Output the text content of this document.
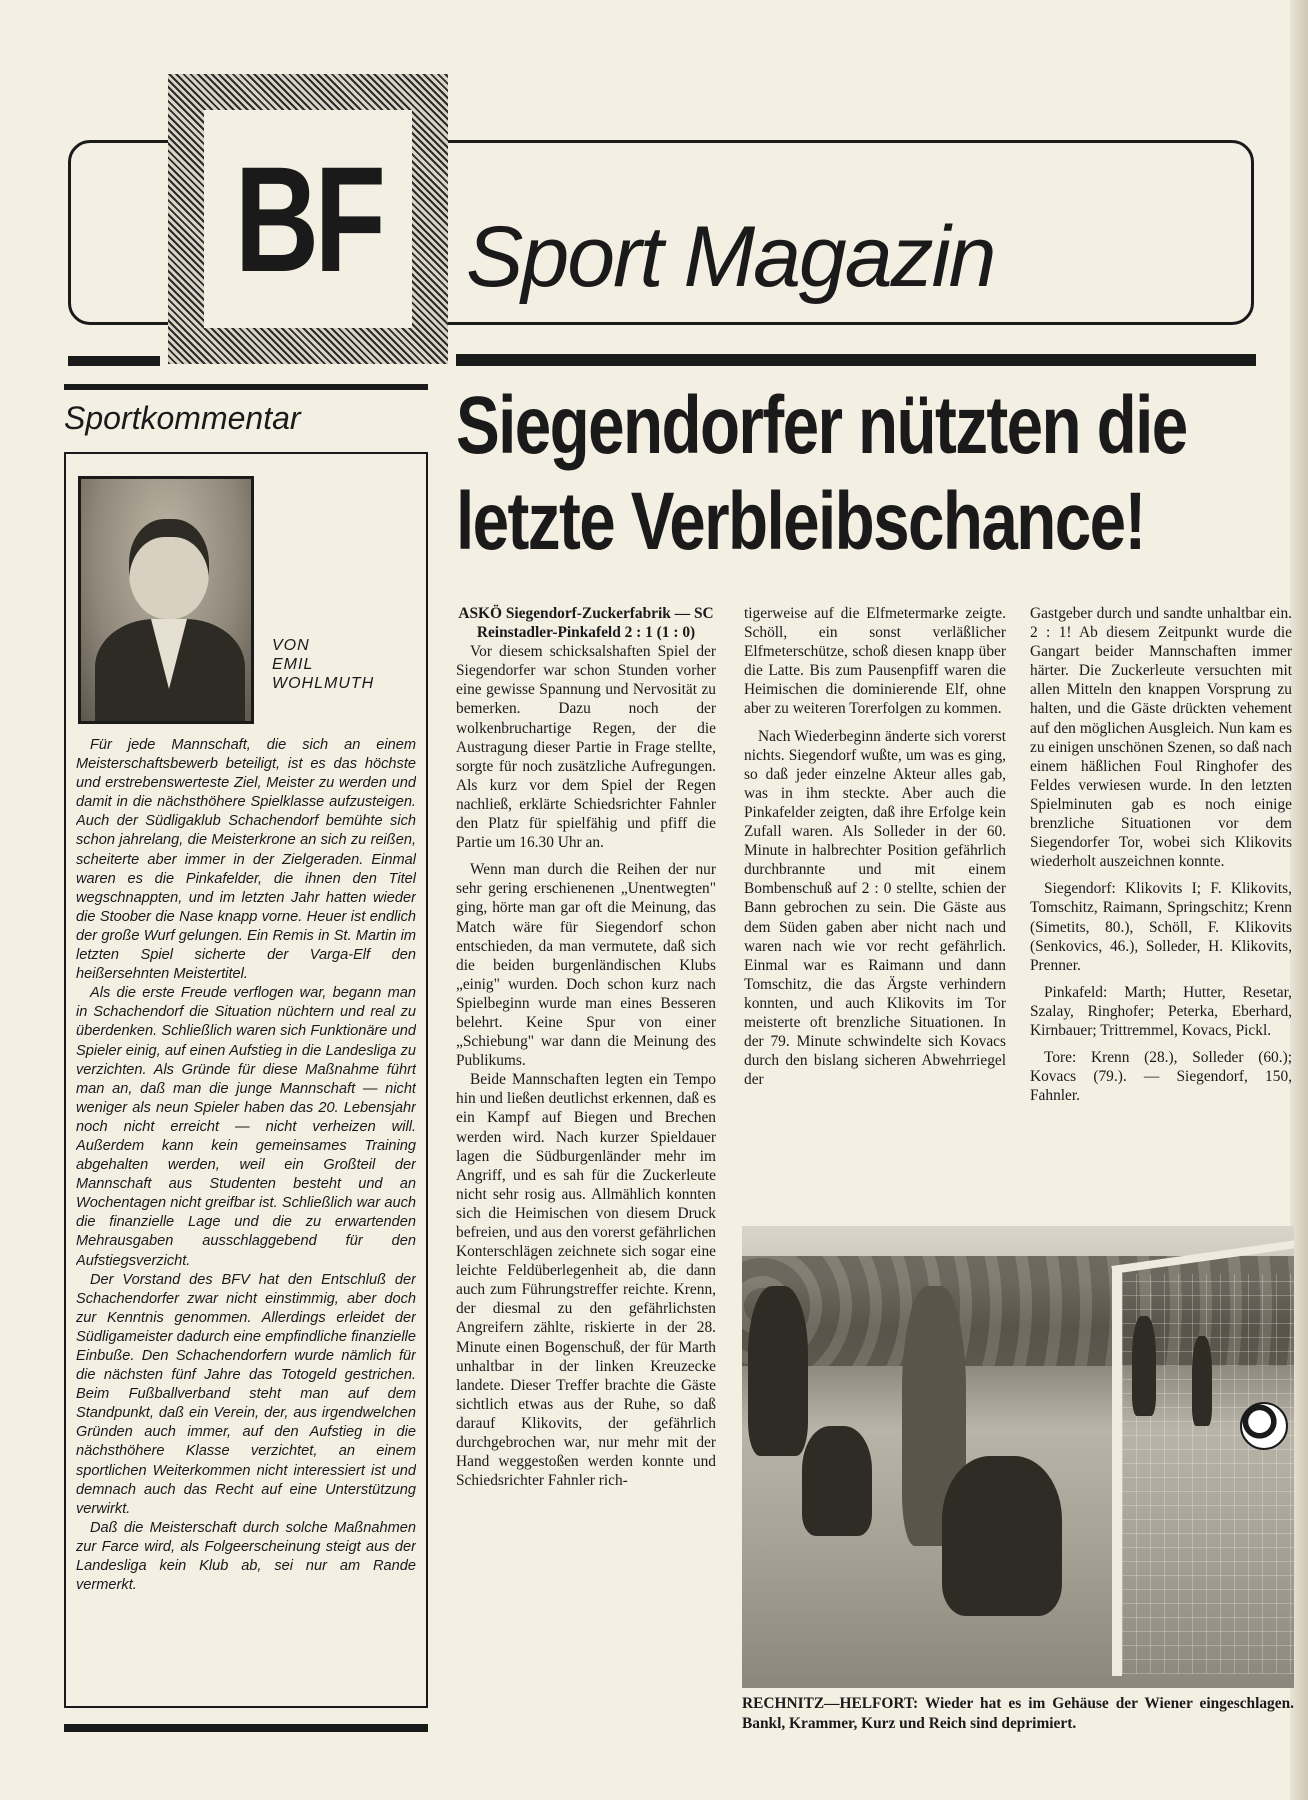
BF Sport Magazin
Sportkommentar
VON
EMIL
WOHLMUTH

Für jede Mannschaft, die sich an einem Meisterschaftsbewerb beteiligt, ist es das höchste und erstrebenswerteste Ziel, Meister zu werden und damit in die nächsthöhere Spielklasse aufzusteigen. Auch der Südligaklub Schachendorf bemühte sich schon jahrelang, die Meisterkrone an sich zu reißen, scheiterte aber immer in der Zielgeraden. Einmal waren es die Pinkafelder, die ihnen den Titel wegschnappten, und im letzten Jahr hatten wieder die Stoober die Nase knapp vorne. Heuer ist endlich der große Wurf gelungen. Ein Remis in St. Martin im letzten Spiel sicherte der Varga-Elf den heißersehnten Meistertitel.

Als die erste Freude verflogen war, begann man in Schachendorf die Situation nüchtern und real zu überdenken. Schließlich waren sich Funktionäre und Spieler einig, auf einen Aufstieg in die Landesliga zu verzichten. Als Gründe für diese Maßnahme führt man an, daß man die junge Mannschaft — nicht weniger als neun Spieler haben das 20. Lebensjahr noch nicht erreicht — nicht verheizen will. Außerdem kann kein gemeinsames Training abgehalten werden, weil ein Großteil der Mannschaft aus Studenten besteht und an Wochentagen nicht greifbar ist. Schließlich war auch die finanzielle Lage und die zu erwartenden Mehrausgaben ausschlaggebend für den Aufstiegsverzicht.

Der Vorstand des BFV hat den Entschluß der Schachendorfer zwar nicht einstimmig, aber doch zur Kenntnis genommen. Allerdings erleidet der Südligameister dadurch eine empfindliche finanzielle Einbuße. Den Schachendorfern wurde nämlich für die nächsten fünf Jahre das Totogeld gestrichen. Beim Fußballverband steht man auf dem Standpunkt, daß ein Verein, der, aus irgendwelchen Gründen auch immer, auf den Aufstieg in die nächsthöhere Klasse verzichtet, an einem sportlichen Weiterkommen nicht interessiert ist und demnach auch das Recht auf eine Unterstützung verwirkt.

Daß die Meisterschaft durch solche Maßnahmen zur Farce wird, als Folgeerscheinung steigt aus der Landesliga kein Klub ab, sei nur am Rande vermerkt.

Siegendorfer nützten die
letzte Verbleibschance!

ASKÖ Siegendorf-Zuckerfabrik — SC Reinstadler-Pinkafeld 2 : 1 (1 : 0)

Vor diesem schicksalshaften Spiel der Siegendorfer war schon Stunden vorher eine gewisse Spannung und Nervosität zu bemerken. Dazu noch der wolkenbruchartige Regen, der die Austragung dieser Partie in Frage stellte, sorgte für noch zusätzliche Aufregungen. Als kurz vor dem Spiel der Regen nachließ, erklärte Schiedsrichter Fahnler den Platz für spielfähig und pfiff die Partie um 16.30 Uhr an.

Wenn man durch die Reihen der nur sehr gering erschienenen „Unentwegten" ging, hörte man gar oft die Meinung, das Match wäre für Siegendorf schon entschieden, da man vermutete, daß sich die beiden burgenländischen Klubs „einig" wurden. Doch schon kurz nach Spielbeginn wurde man eines Besseren belehrt. Keine Spur von einer „Schiebung" war dann die Meinung des Publikums.

Beide Mannschaften legten ein Tempo hin und ließen deutlichst erkennen, daß es ein Kampf auf Biegen und Brechen werden wird. Nach kurzer Spieldauer lagen die Südburgenländer mehr im Angriff, und es sah für die Zuckerleute nicht sehr rosig aus. Allmählich konnten sich die Heimischen von diesem Druck befreien, und aus den vorerst gefährlichen Konterschlägen zeichnete sich sogar eine leichte Feldüberlegenheit ab, die dann auch zum Führungstreffer reichte. Krenn, der diesmal zu den gefährlichsten Angreifern zählte, riskierte in der 28. Minute einen Bogenschuß, der für Marth unhaltbar in der linken Kreuzecke landete. Dieser Treffer brachte die Gäste sichtlich etwas aus der Ruhe, so daß darauf Klikovits, der gefährlich durchgebrochen war, nur mehr mit der Hand weggestoßen werden konnte und Schiedsrichter Fahnler rich-

tigerweise auf die Elfmetermarke zeigte. Schöll, ein sonst verläßlicher Elfmeterschütze, schoß diesen knapp über die Latte. Bis zum Pausenpfiff waren die Heimischen die dominierende Elf, ohne aber zu weiteren Torerfolgen zu kommen.

Nach Wiederbeginn änderte sich vorerst nichts. Siegendorf wußte, um was es ging, so daß jeder einzelne Akteur alles gab, was in ihm steckte. Aber auch die Pinkafelder zeigten, daß ihre Erfolge kein Zufall waren. Als Solleder in der 60. Minute in halbrechter Position gefährlich durchbrannte und mit einem Bombenschuß auf 2 : 0 stellte, schien der Bann gebrochen zu sein. Die Gäste aus dem Süden gaben aber nicht nach und waren nach wie vor recht gefährlich. Einmal war es Raimann und dann Tomschitz, die das Ärgste verhindern konnten, und auch Klikovits im Tor meisterte oft brenzliche Situationen. In der 79. Minute schwindelte sich Kovacs durch den bislang sicheren Abwehrriegel der

Gastgeber durch und sandte unhaltbar ein. 2 : 1! Ab diesem Zeitpunkt wurde die Gangart beider Mannschaften immer härter. Die Zuckerleute versuchten mit allen Mitteln den knappen Vorsprung zu halten, und die Gäste drückten vehement auf den möglichen Ausgleich. Nun kam es zu einigen unschönen Szenen, so daß nach einem häßlichen Foul Ringhofer des Feldes verwiesen wurde. In den letzten Spielminuten gab es noch einige brenzliche Situationen vor dem Siegendorfer Tor, wobei sich Klikovits wiederholt auszeichnen konnte.

Siegendorf: Klikovits I; F. Klikovits, Tomschitz, Raimann, Springschitz; Krenn (Simetits, 80.), Schöll, F. Klikovits (Senkovics, 46.), Solleder, H. Klikovits, Prenner.

Pinkafeld: Marth; Hutter, Resetar, Szalay, Ringhofer; Peterka, Eberhard, Kirnbauer; Trittremmel, Kovacs, Pickl.

Tore: Krenn (28.), Solleder (60.); Kovacs (79.). — Siegendorf, 150, Fahnler.

RECHNITZ—HELFORT: Wieder hat es im Gehäuse der Wiener eingeschlagen. Bankl, Krammer, Kurz und Reich sind deprimiert.
